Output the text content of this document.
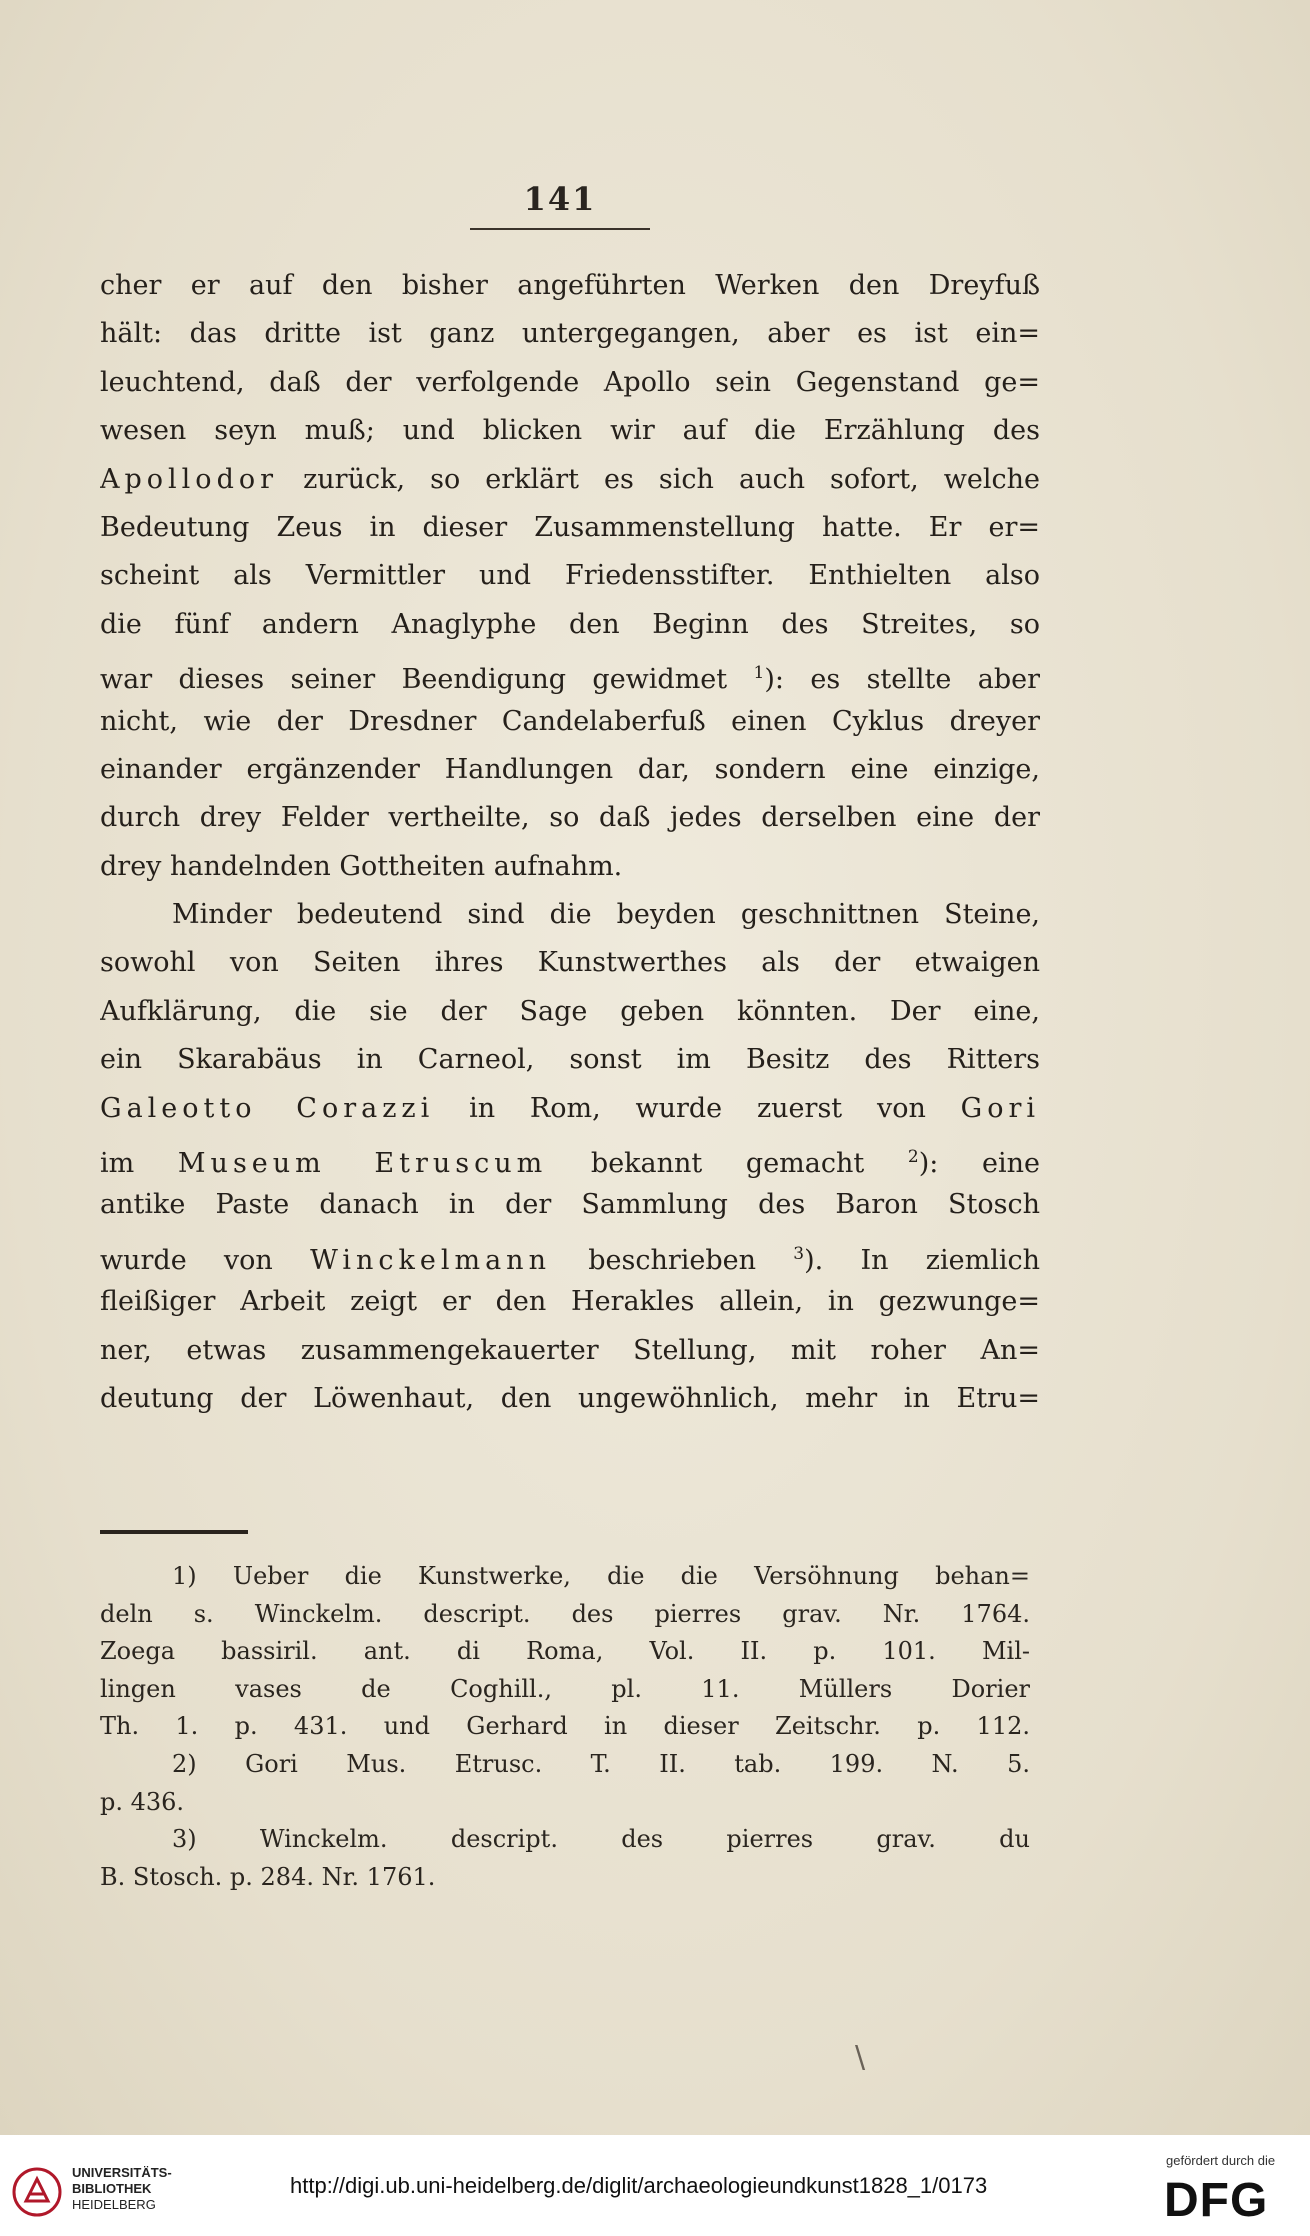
141
cher er auf den bisher angeführten Werken den Dreyfuß
hält: das dritte ist ganz untergegangen, aber es ist ein=
leuchtend, daß der verfolgende Apollo sein Gegenstand ge=
wesen seyn muß; und blicken wir auf die Erzählung des
Apollodor zurück, so erklärt es sich auch sofort, welche
Bedeutung Zeus in dieser Zusammenstellung hatte. Er er=
scheint als Vermittler und Friedensstifter. Enthielten also
die fünf andern Anaglyphe den Beginn des Streites, so
war dieses seiner Beendigung gewidmet $^1$): es stellte aber
nicht, wie der Dresdner Candelaberfuß einen Cyklus dreyer
einander ergänzender Handlungen dar, sondern eine einzige,
durch drey Felder vertheilte, so daß jedes derselben eine der
drey handelnden Gottheiten aufnahm.
Minder bedeutend sind die beyden geschnittnen Steine,
sowohl von Seiten ihres Kunstwerthes als der etwaigen
Aufklärung, die sie der Sage geben könnten. Der eine,
ein Skarabäus in Carneol, sonst im Besitz des Ritters
Galeotto Corazzi in Rom, wurde zuerst von Gori
im Museum Etruscum bekannt gemacht $^2$): eine
antike Paste danach in der Sammlung des Baron Stosch
wurde von Winckelmann beschrieben $^3$). In ziemlich
fleißiger Arbeit zeigt er den Herakles allein, in gezwunge=
ner, etwas zusammengekauerter Stellung, mit roher An=
deutung der Löwenhaut, den ungewöhnlich, mehr in Etru=
1) Ueber die Kunstwerke, die die Versöhnung behan=
deln s. Winckelm. descript. des pierres grav. Nr. 1764.
Zoega bassiril. ant. di Roma, Vol. II. p. 101. Mil-
lingen vases de Coghill., pl. 11. Müllers Dorier
Th. 1. p. 431. und Gerhard in dieser Zeitschr. p. 112.
2) Gori Mus. Etrusc. T. II. tab. 199. N. 5.
p. 436.
3) Winckelm. descript. des pierres grav. du
B. Stosch. p. 284. Nr. 1761.
\
UNIVERSITÄTS-
BIBLIOTHEK
HEIDELBERG
http://digi.ub.uni-heidelberg.de/diglit/archaeologieundkunst1828_1/0173
gefördert durch die
DFG
